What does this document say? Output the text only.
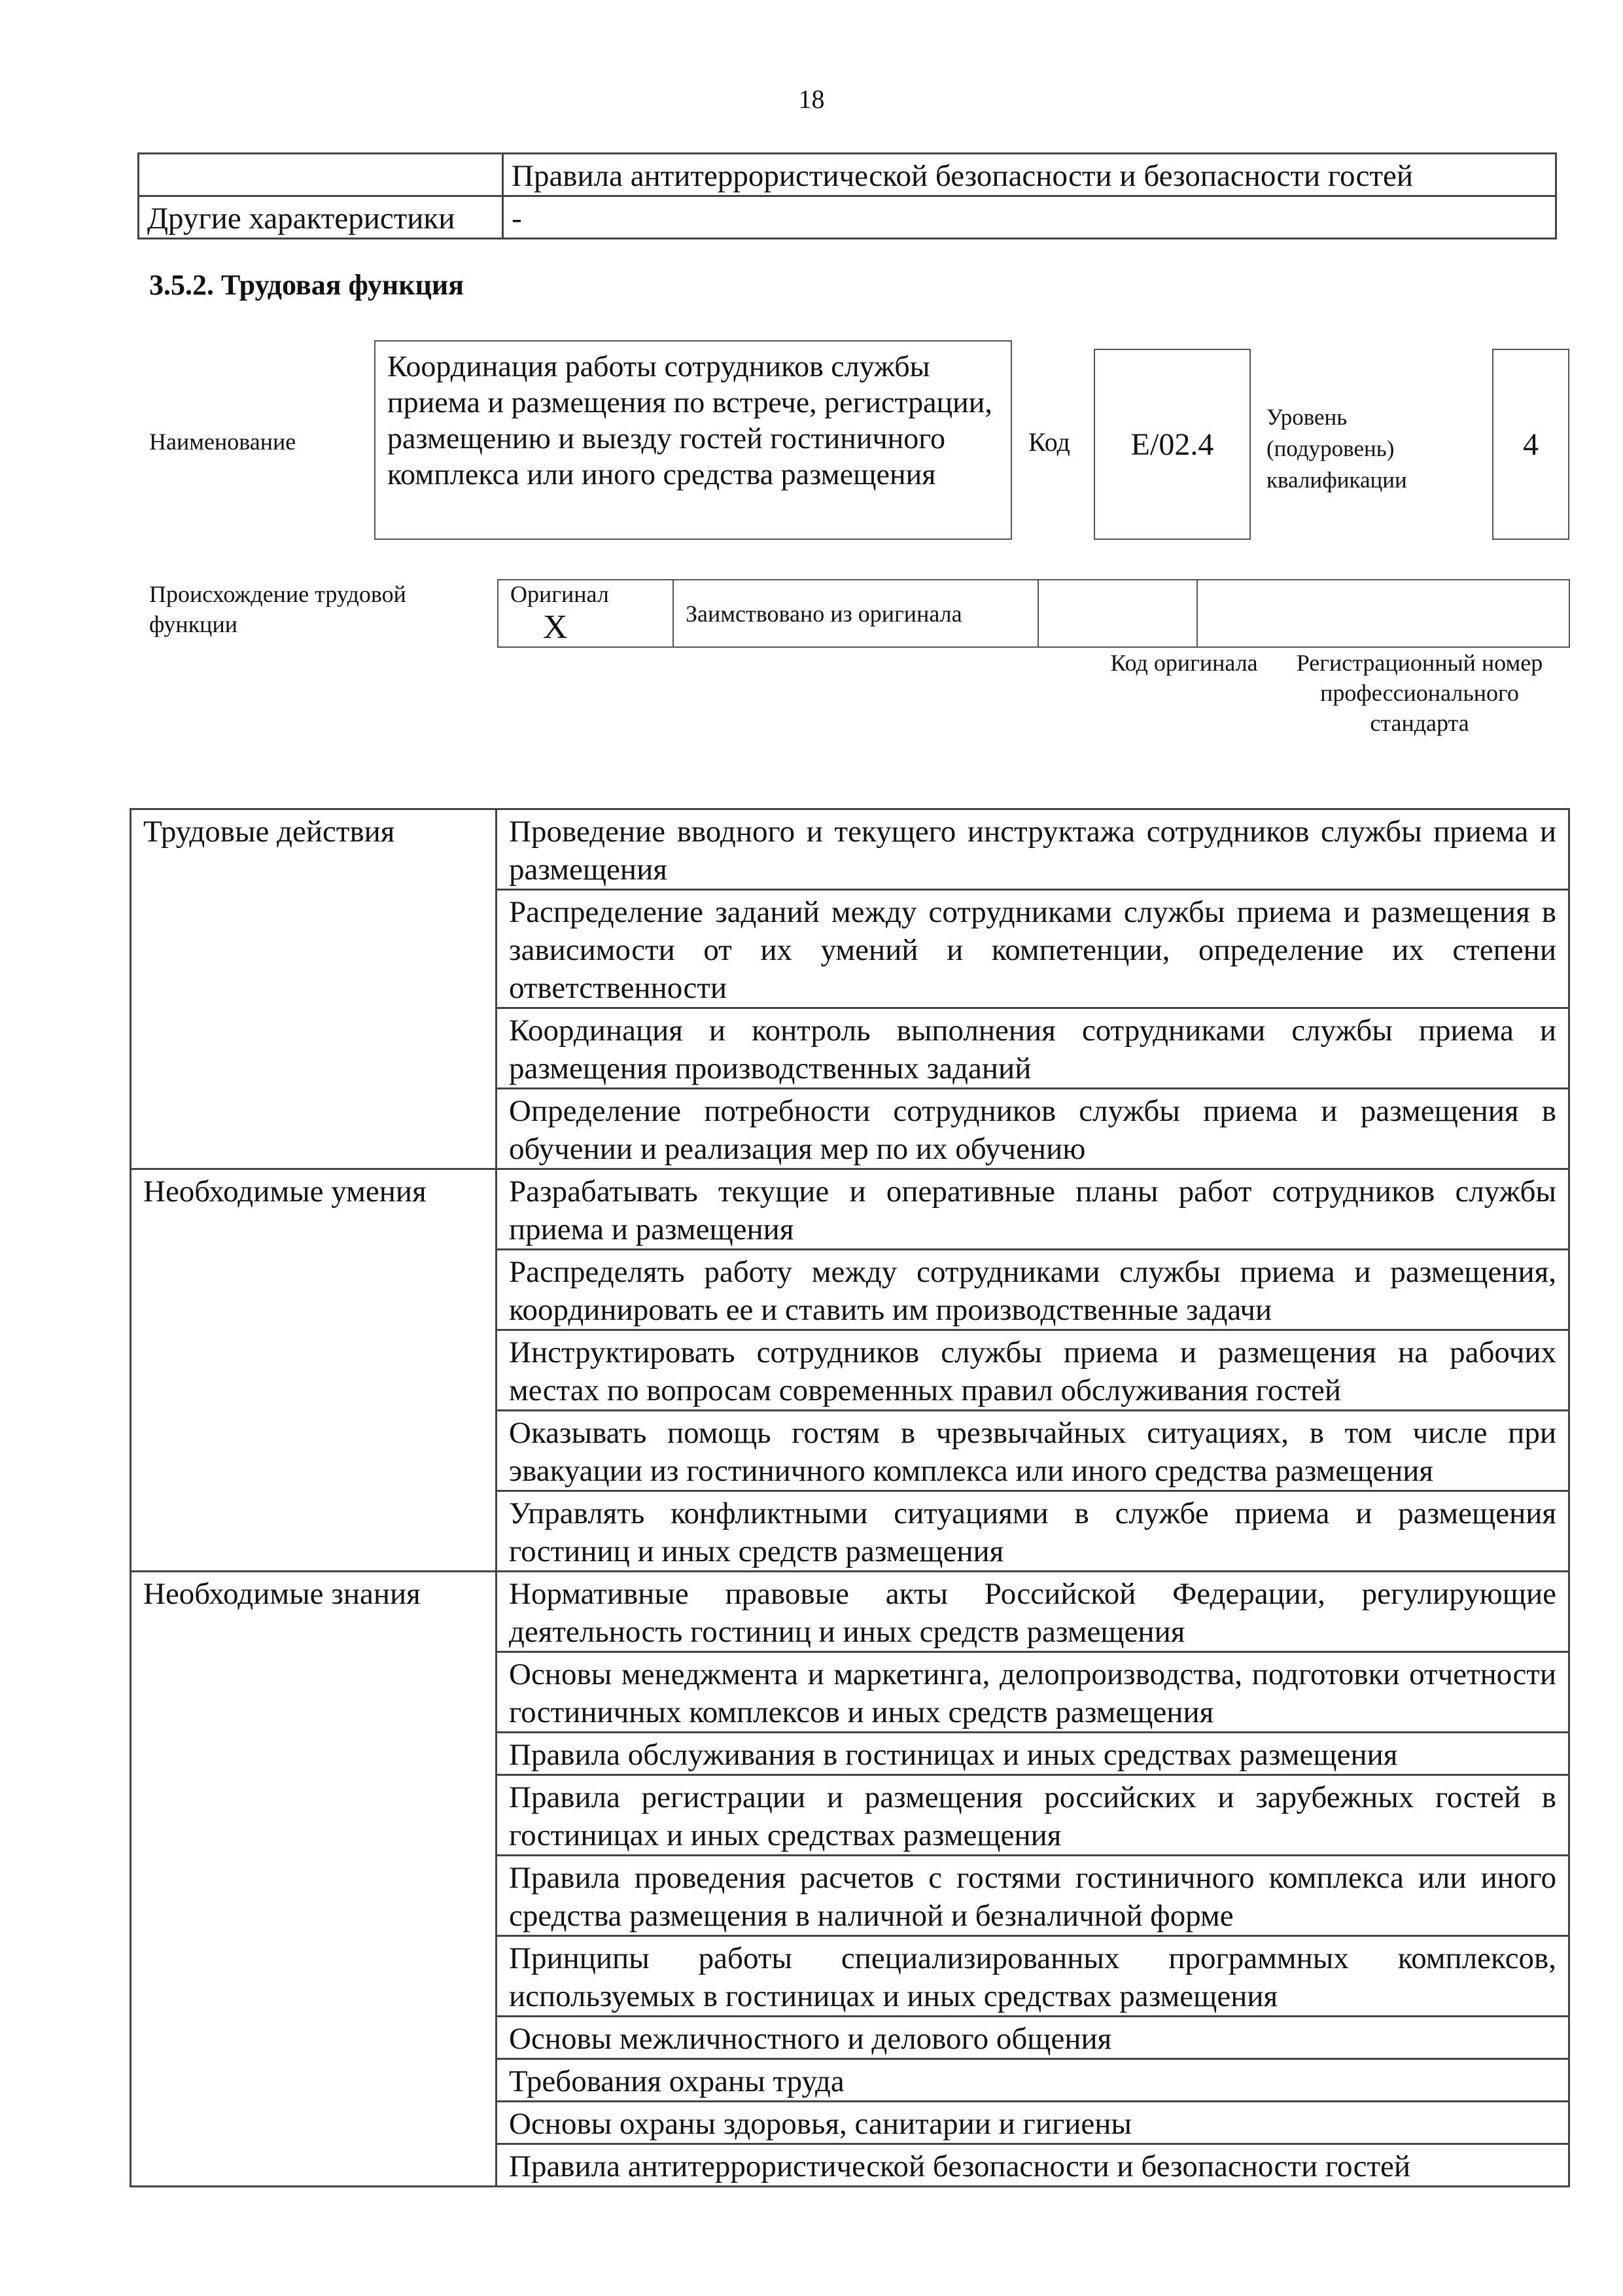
18
	Правила антитеррористической безопасности и безопасности гостей
Другие характеристики	-
3.5.2. Трудовая функция
Наименование
Координация работы сотрудников службы приема и размещения по встрече, регистрации, размещению и выезду гостей гостиничного комплекса или иного средства размещения
Код E/02.4
Уровень (подуровень) квалификации
4
Происхождение трудовой функции
Оригинал X	Заимствовано из оригинала		
Код оригинала	Регистрационный номер профессионального стандарта
Трудовые действия	Проведение вводного и текущего инструктажа сотрудников службы приема и размещения
	Распределение заданий между сотрудниками службы приема и размещения в зависимости от их умений и компетенции, определение их степени ответственности
	Координация и контроль выполнения сотрудниками службы приема и размещения производственных заданий
	Определение потребности сотрудников службы приема и размещения в обучении и реализация мер по их обучению
Необходимые умения	Разрабатывать текущие и оперативные планы работ сотрудников службы приема и размещения
	Распределять работу между сотрудниками службы приема и размещения, координировать ее и ставить им производственные задачи
	Инструктировать сотрудников службы приема и размещения на рабочих местах по вопросам современных правил обслуживания гостей
	Оказывать помощь гостям в чрезвычайных ситуациях, в том числе при эвакуации из гостиничного комплекса или иного средства размещения
	Управлять конфликтными ситуациями в службе приема и размещения гостиниц и иных средств размещения
Необходимые знания	Нормативные правовые акты Российской Федерации, регулирующие деятельность гостиниц и иных средств размещения
	Основы менеджмента и маркетинга, делопроизводства, подготовки отчетности гостиничных комплексов и иных средств размещения
	Правила обслуживания в гостиницах и иных средствах размещения
	Правила регистрации и размещения российских и зарубежных гостей в гостиницах и иных средствах размещения
	Правила проведения расчетов с гостями гостиничного комплекса или иного средства размещения в наличной и безналичной форме
	Принципы работы специализированных программных комплексов, используемых в гостиницах и иных средствах размещения
	Основы межличностного и делового общения
	Требования охраны труда
	Основы охраны здоровья, санитарии и гигиены
	Правила антитеррористической безопасности и безопасности гостей
